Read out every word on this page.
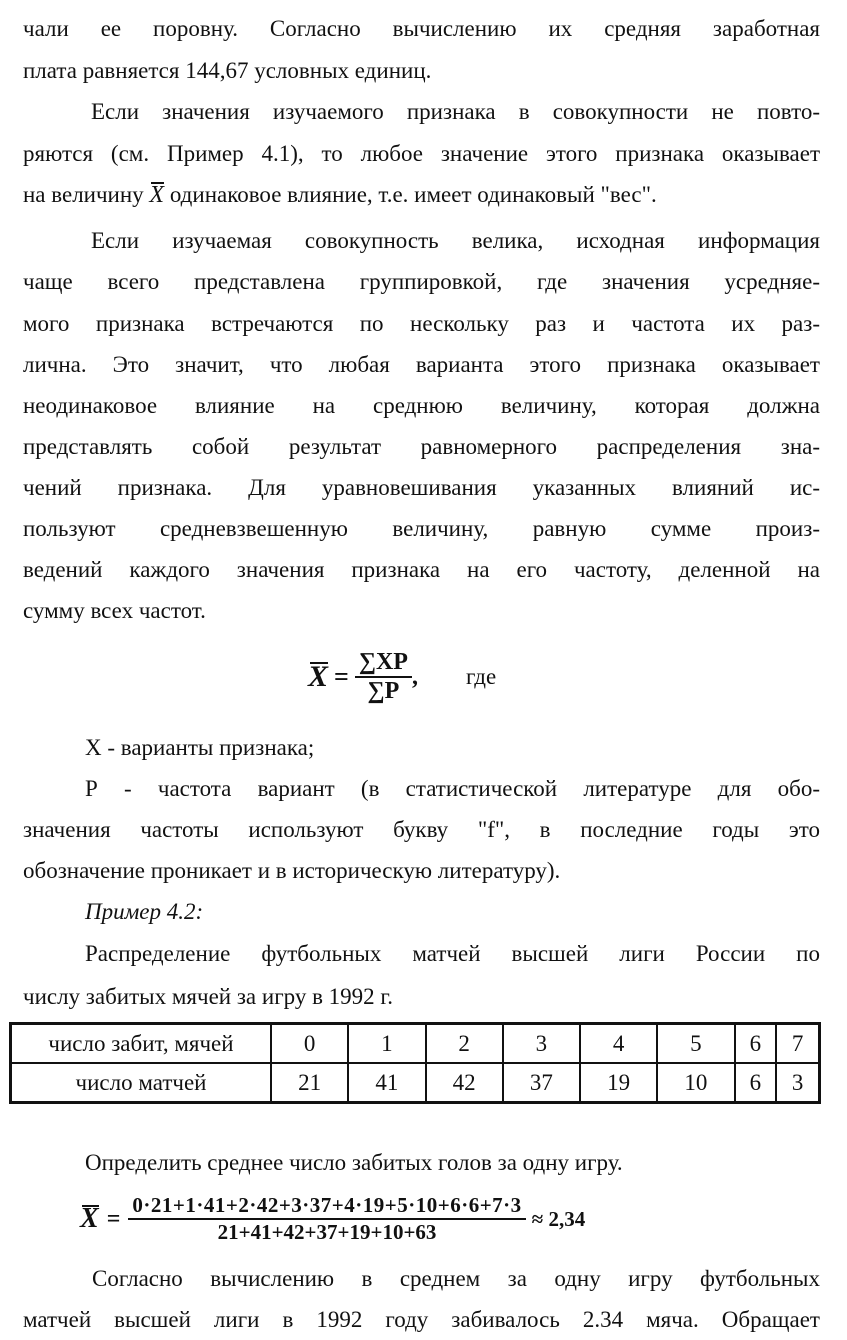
чали ее поровну. Согласно вычислению их средняя заработная
плата равняется 144,67 условных единиц.
Если значения изучаемого признака в совокупности не повто-
ряются (см. Пример 4.1), то любое значение этого признака оказывает
на величину X одинаковое влияние, т.е. имеет одинаковый "вес".
Если изучаемая совокупность велика, исходная информация
чаще всего представлена группировкой, где значения усредняе-
мого признака встречаются по нескольку раз и частота их раз-
лична. Это значит, что любая варианта этого признака оказывает
неодинаковое влияние на среднюю величину, которая должна
представлять собой результат равномерного распределения зна-
чений признака. Для уравновешивания указанных влияний ис-
пользуют средневзвешенную величину, равную сумме произ-
ведений каждого значения признака на его частоту, деленной на
сумму всех частот.
$X = \frac{\sum XP}{\sum P}$ , где
X - варианты признака;
Р - частота вариант (в статистической литературе для обо-
значения частоты используют букву "f", в последние годы это
обозначение проникает и в историческую литературу).
Пример 4.2:
Распределение футбольных матчей высшей лиги России по
числу забитых мячей за игру в 1992 г.
число забит, мячей	0	1	2	3	4	5	6	7
число матчей	21	41	42	37	19	10	6	3
Определить среднее число забитых голов за одну игру.
$X = \frac{0\cdot 21+1\cdot 41+2\cdot 42+3\cdot 37+4\cdot 19+5\cdot 10+6\cdot 6+7\cdot 3}{21+41+42+37+19+10+63} \approx 2,34$
Согласно вычислению в среднем за одну игру футбольных
матчей высшей лиги в 1992 году забивалось 2.34 мяча. Обращает
